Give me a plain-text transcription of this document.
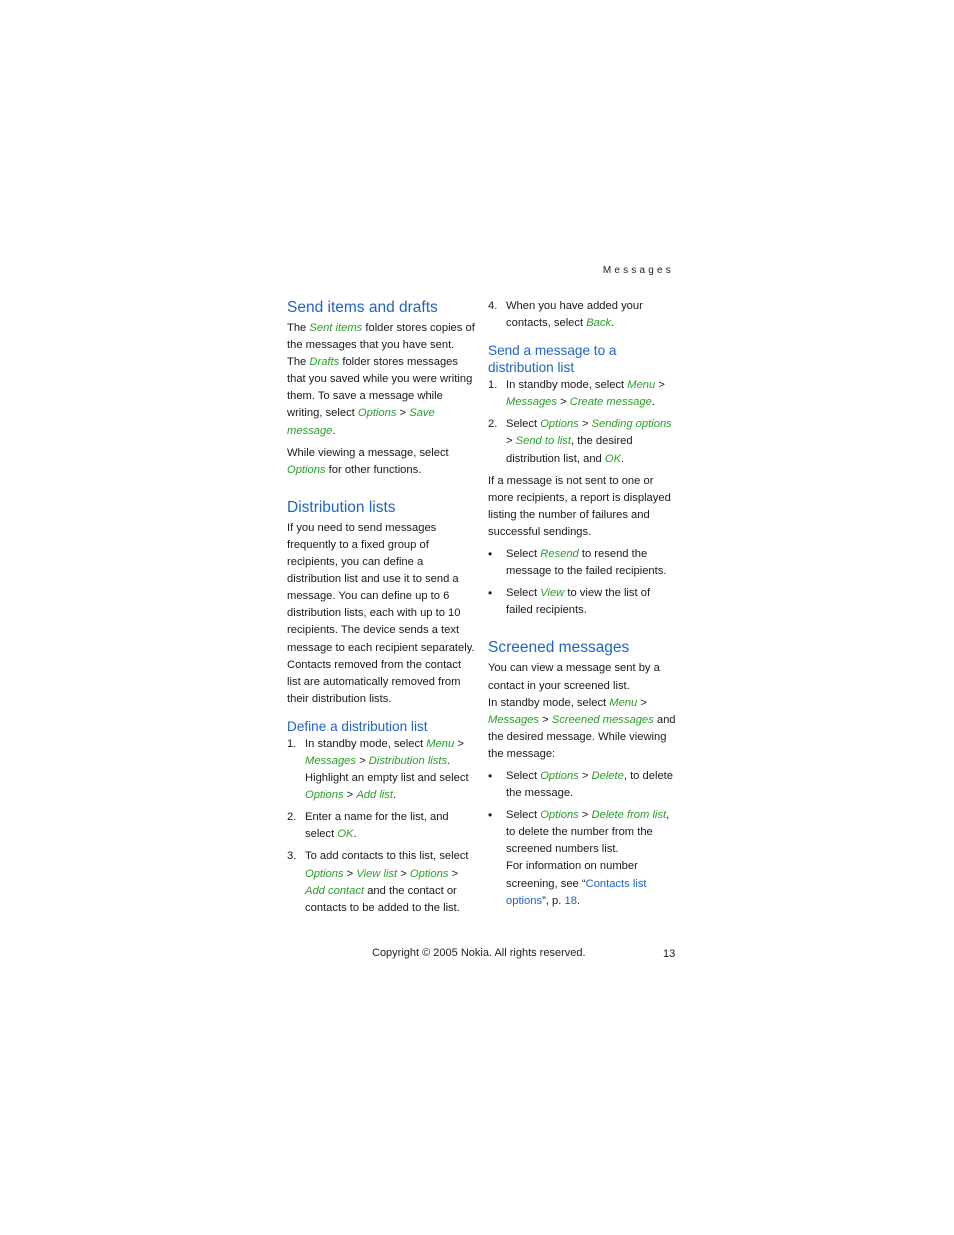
Messages
Send items and drafts

The Sent items folder stores copies of the messages that you have sent.

The Drafts folder stores messages that you saved while you were writing them. To save a message while writing, select Options > Save message.

While viewing a message, select Options for other functions.

Distribution lists

If you need to send messages frequently to a fixed group of recipients, you can define a distribution list and use it to send a message. You can define up to 6 distribution lists, each with up to 10 recipients. The device sends a text message to each recipient separately. Contacts removed from the contact list are automatically removed from their distribution lists.

Define a distribution list
1. In standby mode, select Menu > Messages > Distribution lists. Highlight an empty list and select Options > Add list.
2. Enter a name for the list, and select OK.
3. To add contacts to this list, select Options > View list > Options > Add contact and the contact or contacts to be added to the list.
4. When you have added your contacts, select Back.
Send a message to a distribution list
1. In standby mode, select Menu > Messages > Create message.
2. Select Options > Sending options > Send to list, the desired distribution list, and OK.

If a message is not sent to one or more recipients, a report is displayed listing the number of failures and successful sendings.

• Select Resend to resend the message to the failed recipients.
• Select View to view the list of failed recipients.
Screened messages

You can view a message sent by a contact in your screened list.

In standby mode, select Menu > Messages > Screened messages and the desired message. While viewing the message:

• Select Options > Delete, to delete the message.
• Select Options > Delete from list, to delete the number from the screened numbers list.
For information on number screening, see “Contacts list options”, p. 18.
Copyright © 2005 Nokia. All rights reserved.	13
